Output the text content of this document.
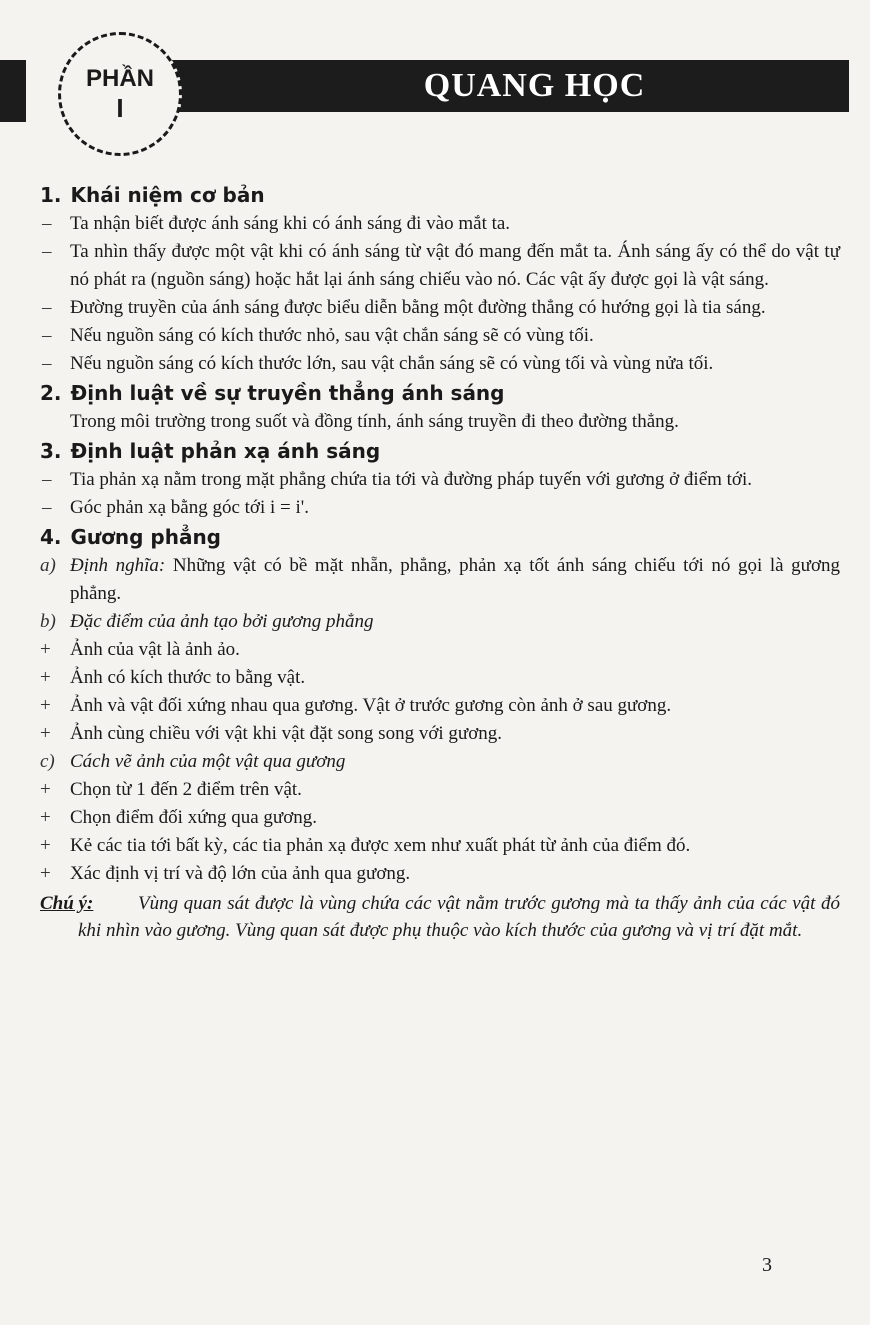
QUANG HỌC
PHẦN
I
1. Khái niệm cơ bản
– Ta nhận biết được ánh sáng khi có ánh sáng đi vào mắt ta.
– Ta nhìn thấy được một vật khi có ánh sáng từ vật đó mang đến mắt ta. Ánh sáng ấy có thể do vật tự nó phát ra (nguồn sáng) hoặc hắt lại ánh sáng chiếu vào nó. Các vật ấy được gọi là vật sáng.
– Đường truyền của ánh sáng được biểu diễn bằng một đường thẳng có hướng gọi là tia sáng.
– Nếu nguồn sáng có kích thước nhỏ, sau vật chắn sáng sẽ có vùng tối.
– Nếu nguồn sáng có kích thước lớn, sau vật chắn sáng sẽ có vùng tối và vùng nửa tối.
2. Định luật về sự truyền thẳng ánh sáng
Trong môi trường trong suốt và đồng tính, ánh sáng truyền đi theo đường thẳng.
3. Định luật phản xạ ánh sáng
– Tia phản xạ nằm trong mặt phẳng chứa tia tới và đường pháp tuyến với gương ở điểm tới.
– Góc phản xạ bằng góc tới i = i'.
4. Gương phẳng
a) Định nghĩa: Những vật có bề mặt nhẵn, phẳng, phản xạ tốt ánh sáng chiếu tới nó gọi là gương phẳng.
b) Đặc điểm của ảnh tạo bởi gương phẳng
+	Ảnh của vật là ảnh ảo.
+	Ảnh có kích thước to bằng vật.
+	Ảnh và vật đối xứng nhau qua gương. Vật ở trước gương còn ảnh ở sau gương.
+	Ảnh cùng chiều với vật khi vật đặt song song với gương.
c) Cách vẽ ảnh của một vật qua gương
+	Chọn từ 1 đến 2 điểm trên vật.
+	Chọn điểm đối xứng qua gương.
+	Kẻ các tia tới bất kỳ, các tia phản xạ được xem như xuất phát từ ảnh của điểm đó.
+	Xác định vị trí và độ lớn của ảnh qua gương.
Chú ý:	Vùng quan sát được là vùng chứa các vật nằm trước gương mà ta thấy ảnh của các vật đó khi nhìn vào gương. Vùng quan sát được phụ thuộc vào kích thước của gương và vị trí đặt mắt.
3
